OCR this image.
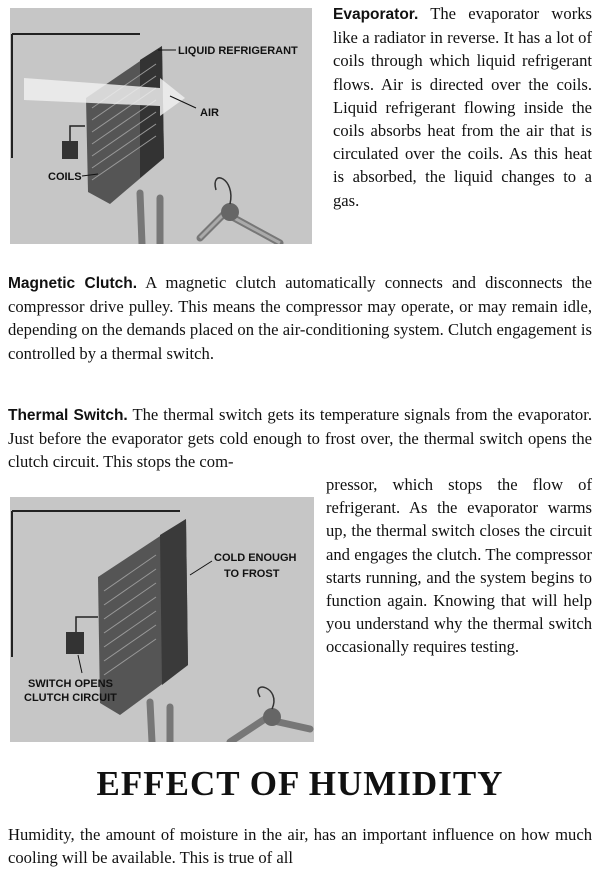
LIQUID REFRIGERANT
AIR
COILS

Evaporator. The evaporator works like a radiator in reverse. It has a lot of coils through which liquid refrigerant flows. Air is directed over the coils. Liquid refrigerant flowing inside the coils absorbs heat from the air that is circulated over the coils. As this heat is absorbed, the liquid changes to a gas.

Magnetic Clutch. A magnetic clutch automatically connects and disconnects the compressor drive pulley. This means the compressor may operate, or may remain idle, depending on the demands placed on the air-conditioning system. Clutch engagement is controlled by a thermal switch.

Thermal Switch. The thermal switch gets its temperature signals from the evaporator. Just before the evaporator gets cold enough to frost over, the thermal switch opens the clutch circuit. This stops the com-

COLD ENOUGH
TO FROST
SWITCH OPENS
CLUTCH CIRCUIT

pressor, which stops the flow of refrigerant. As the evaporator warms up, the thermal switch closes the circuit and engages the clutch. The compressor starts running, and the system begins to function again. Knowing that will help you understand why the thermal switch occasionally requires testing.

EFFECT OF HUMIDITY

Humidity, the amount of moisture in the air, has an important influence on how much cooling will be available. This is true of all
